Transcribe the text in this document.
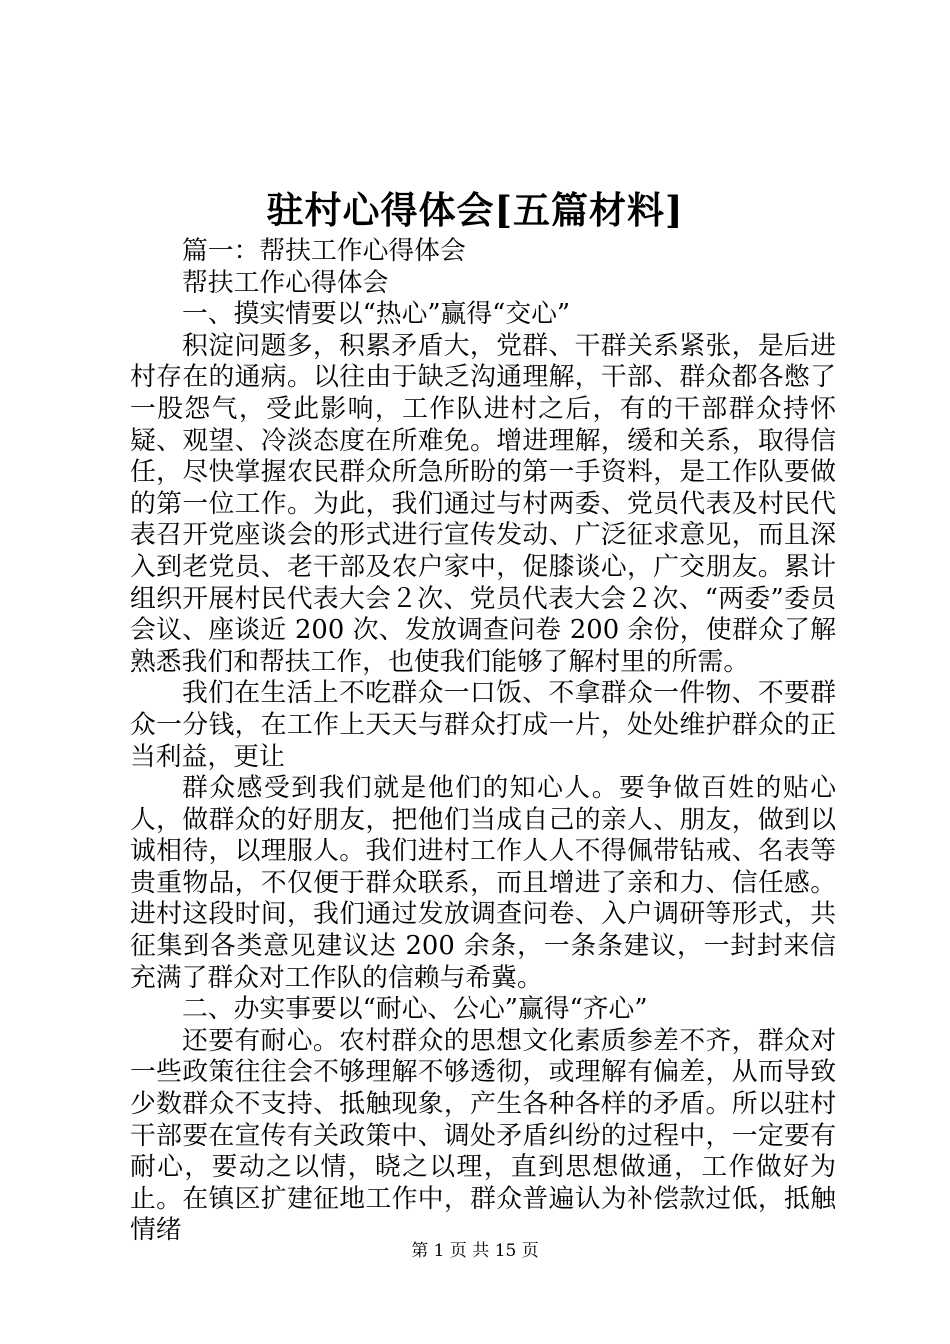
驻村心得体会[五篇材料]

篇一：帮扶工作心得体会

帮扶工作心得体会

一、摸实情要以“热心”赢得“交心”

积淀问题多，积累矛盾大，党群、干群关系紧张，是后进村存在的通病。以往由于缺乏沟通理解，干部、群众都各憋了一股怨气，受此影响，工作队进村之后，有的干部群众持怀疑、观望、冷淡态度在所难免。增进理解，缓和关系，取得信任，尽快掌握农民群众所急所盼的第一手资料，是工作队要做的第一位工作。为此，我们通过与村两委、党员代表及村民代表召开党座谈会的形式进行宣传发动、广泛征求意见，而且深入到老党员、老干部及农户家中，促膝谈心，广交朋友。累计组织开展村民代表大会２次、党员代表大会２次、“两委”委员会议、座谈近 200 次、发放调查问卷 200 余份，使群众了解熟悉我们和帮扶工作，也使我们能够了解村里的所需。

我们在生活上不吃群众一口饭、不拿群众一件物、不要群众一分钱，在工作上天天与群众打成一片，处处维护群众的正当利益，更让

群众感受到我们就是他们的知心人。要争做百姓的贴心人，做群众的好朋友，把他们当成自己的亲人、朋友，做到以诚相待，以理服人。我们进村工作人人不得佩带钻戒、名表等贵重物品，不仅便于群众联系，而且增进了亲和力、信任感。进村这段时间，我们通过发放调查问卷、入户调研等形式，共征集到各类意见建议达 200 余条，一条条建议，一封封来信充满了群众对工作队的信赖与希冀。

二、办实事要以“耐心、公心”赢得“齐心”

还要有耐心。农村群众的思想文化素质参差不齐，群众对一些政策往往会不够理解不够透彻，或理解有偏差，从而导致少数群众不支持、抵触现象，产生各种各样的矛盾。所以驻村干部要在宣传有关政策中、调处矛盾纠纷的过程中，一定要有耐心，要动之以情，晓之以理，直到思想做通，工作做好为止。在镇区扩建征地工作中，群众普遍认为补偿款过低，抵触情绪

第 1 页 共 15 页
